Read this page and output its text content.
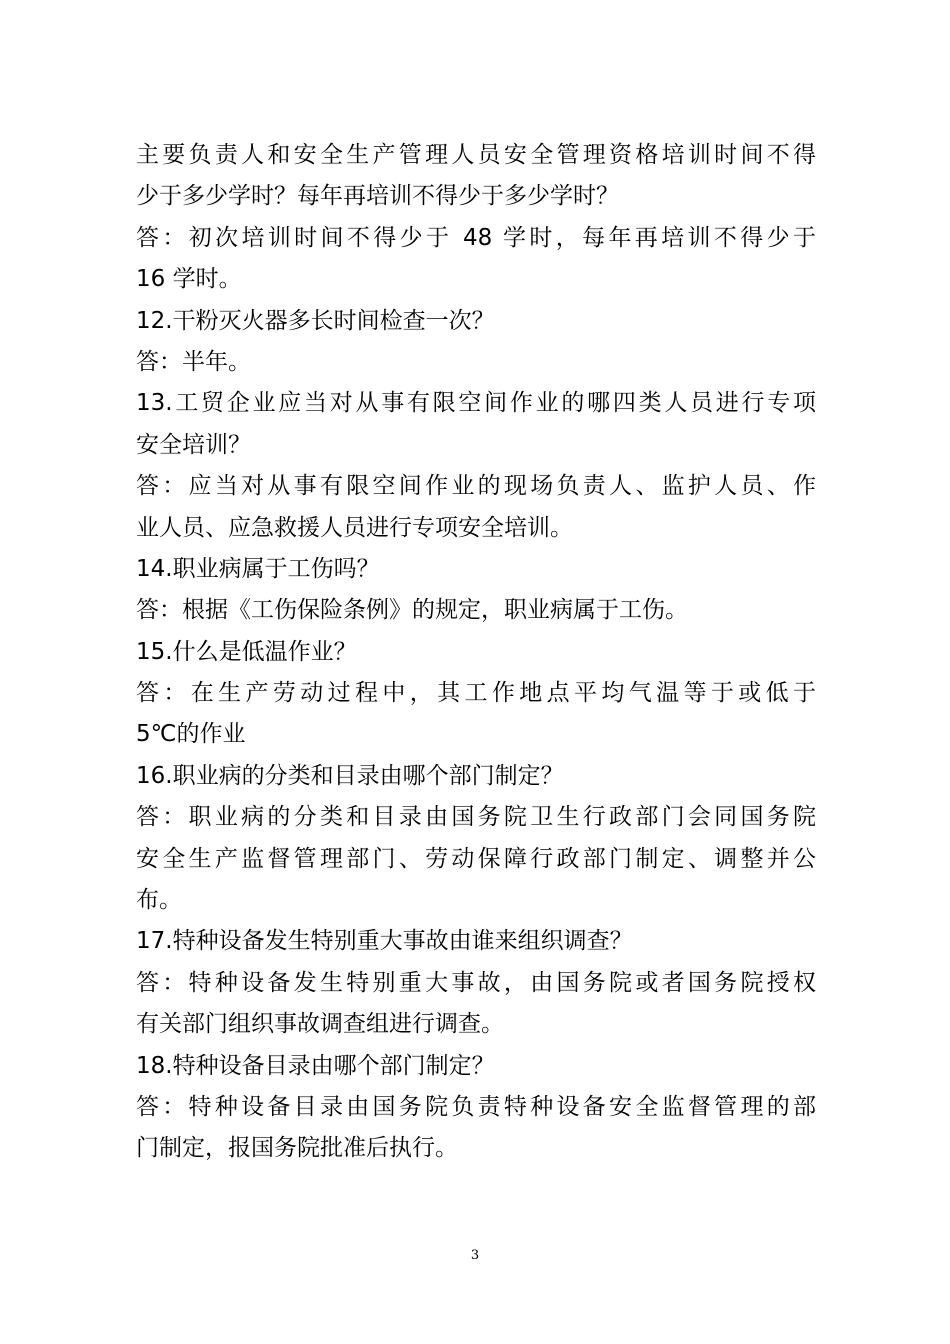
主要负责人和安全生产管理人员安全管理资格培训时间不得
少于多少学时？每年再培训不得少于多少学时？
答：初次培训时间不得少于 48 学时，每年再培训不得少于
16 学时。
12.干粉灭火器多长时间检查一次？
答：半年。
13.工贸企业应当对从事有限空间作业的哪四类人员进行专项
安全培训？
答：应当对从事有限空间作业的现场负责人、监护人员、作
业人员、应急救援人员进行专项安全培训。
14.职业病属于工伤吗？
答：根据《工伤保险条例》的规定，职业病属于工伤。
15.什么是低温作业？
答：在生产劳动过程中，其工作地点平均气温等于或低于
5℃的作业
16.职业病的分类和目录由哪个部门制定？
答：职业病的分类和目录由国务院卫生行政部门会同国务院
安全生产监督管理部门、劳动保障行政部门制定、调整并公
布。
17.特种设备发生特别重大事故由谁来组织调查？
答：特种设备发生特别重大事故，由国务院或者国务院授权
有关部门组织事故调查组进行调查。
18.特种设备目录由哪个部门制定？
答：特种设备目录由国务院负责特种设备安全监督管理的部
门制定，报国务院批准后执行。
3
